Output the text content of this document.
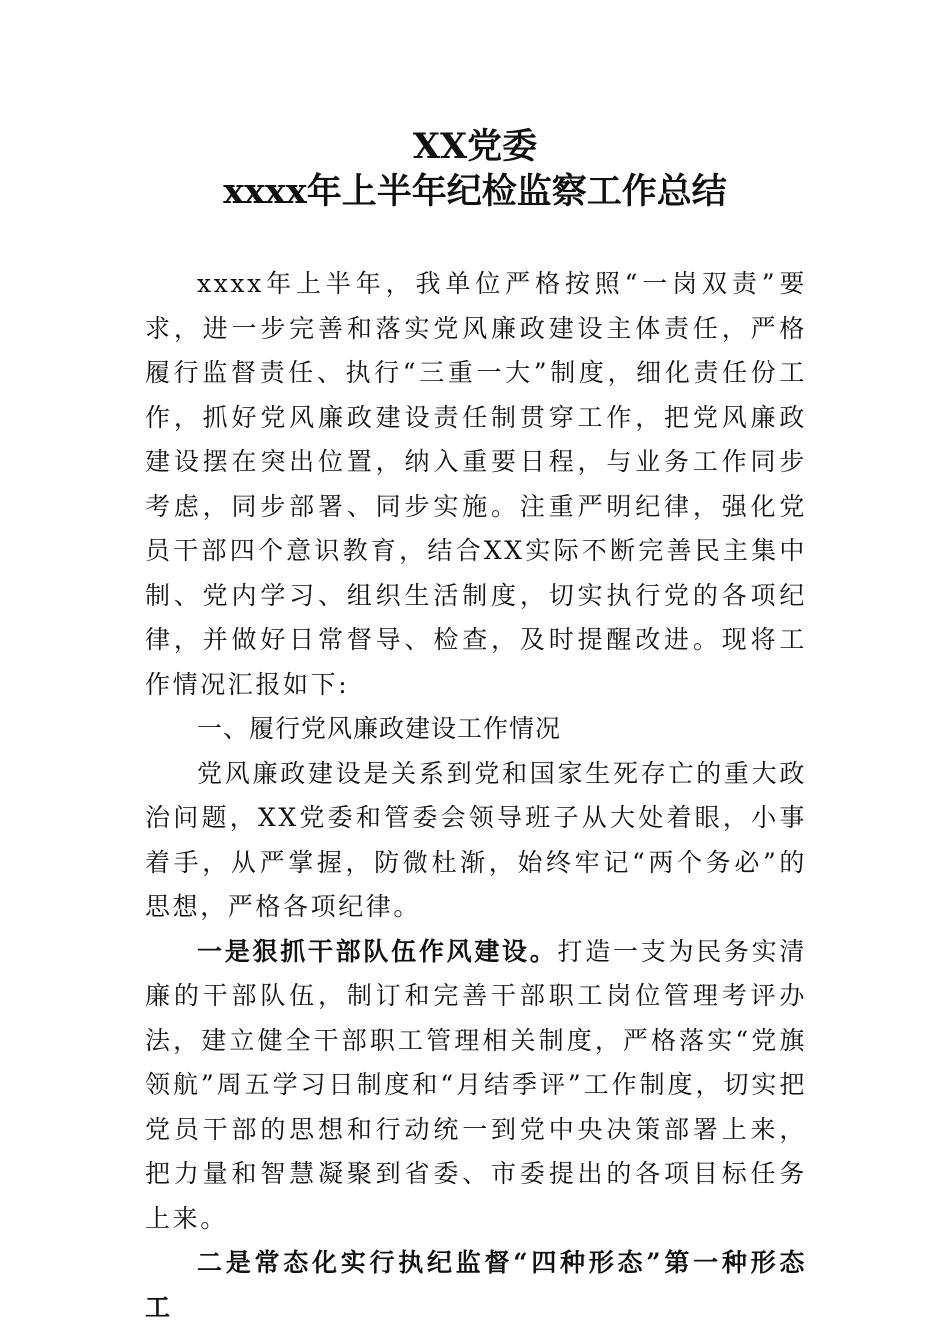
XX党委
xxxx年上半年纪检监察工作总结

xxxx年上半年，我单位严格按照“一岗双责”要求，进一步完善和落实党风廉政建设主体责任，严格履行监督责任、执行“三重一大”制度，细化责任份工作，抓好党风廉政建设责任制贯穿工作，把党风廉政建设摆在突出位置，纳入重要日程，与业务工作同步考虑，同步部署、同步实施。注重严明纪律，强化党员干部四个意识教育，结合XX实际不断完善民主集中制、党内学习、组织生活制度，切实执行党的各项纪律，并做好日常督导、检查，及时提醒改进。现将工作情况汇报如下:

一、履行党风廉政建设工作情况

党风廉政建设是关系到党和国家生死存亡的重大政治问题，XX党委和管委会领导班子从大处着眼，小事着手，从严掌握，防微杜渐，始终牢记“两个务必”的思想，严格各项纪律。

一是狠抓干部队伍作风建设。打造一支为民务实清廉的干部队伍，制订和完善干部职工岗位管理考评办法，建立健全干部职工管理相关制度，严格落实“党旗领航”周五学习日制度和“月结季评”工作制度，切实把党员干部的思想和行动统一到党中央决策部署上来，把力量和智慧凝聚到省委、市委提出的各项目标任务上来。

二是常态化实行执纪监督“四种形态”第一种形态工
